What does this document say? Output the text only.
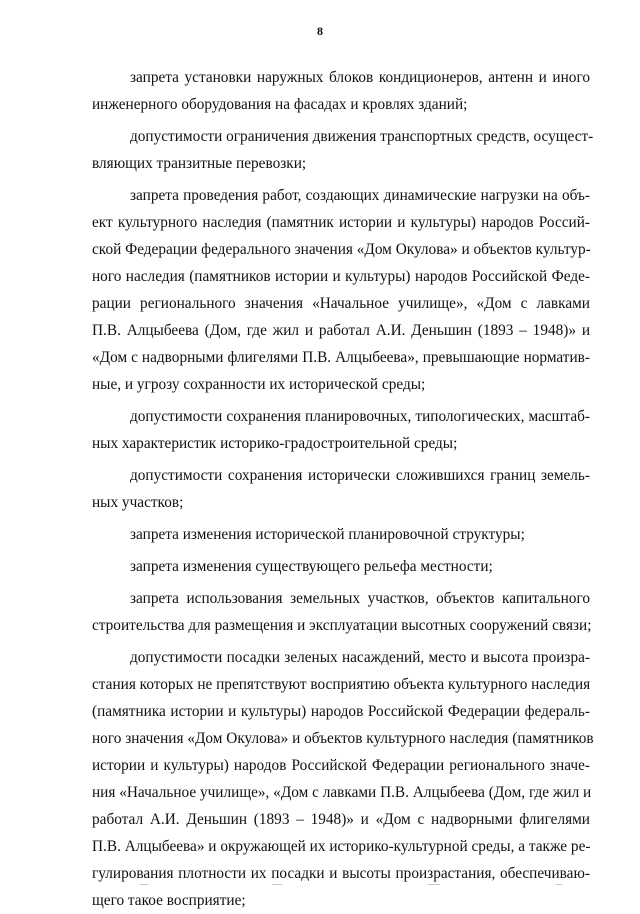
8
запрета установки наружных блоков кондиционеров, антенн и иного
инженерного оборудования на фасадах и кровлях зданий;
допустимости ограничения движения транспортных средств, осущест-
вляющих транзитные перевозки;
запрета проведения работ, создающих динамические нагрузки на объ-
ект культурного наследия (памятник истории и культуры) народов Россий-
ской Федерации федерального значения «Дом Окулова» и объектов культур-
ного наследия (памятников истории и культуры) народов Российской Феде-
рации регионального значения «Начальное училище», «Дом с лавками
П.В. Алцыбеева (Дом, где жил и работал А.И. Деньшин (1893 – 1948)» и
«Дом с надворными флигелями П.В. Алцыбеева», превышающие норматив-
ные, и угрозу сохранности их исторической среды;
допустимости сохранения планировочных, типологических, масштаб-
ных характеристик историко-градостроительной среды;
допустимости сохранения исторически сложившихся границ земель-
ных участков;
запрета изменения исторической планировочной структуры;
запрета изменения существующего рельефа местности;
запрета использования земельных участков, объектов капитального
строительства для размещения и эксплуатации высотных сооружений связи;
допустимости посадки зеленых насаждений, место и высота произра-
стания которых не препятствуют восприятию объекта культурного наследия
(памятника истории и культуры) народов Российской Федерации федераль-
ного значения «Дом Окулова» и объектов культурного наследия (памятников
истории и культуры) народов Российской Федерации регионального значе-
ния «Начальное училище», «Дом с лавками П.В. Алцыбеева (Дом, где жил и
работал А.И. Деньшин (1893 – 1948)» и «Дом с надворными флигелями
П.В. Алцыбеева» и окружающей их историко-культурной среды, а также ре-
гулирования плотности их посадки и высоты произрастания, обеспечиваю-
щего такое восприятие;
